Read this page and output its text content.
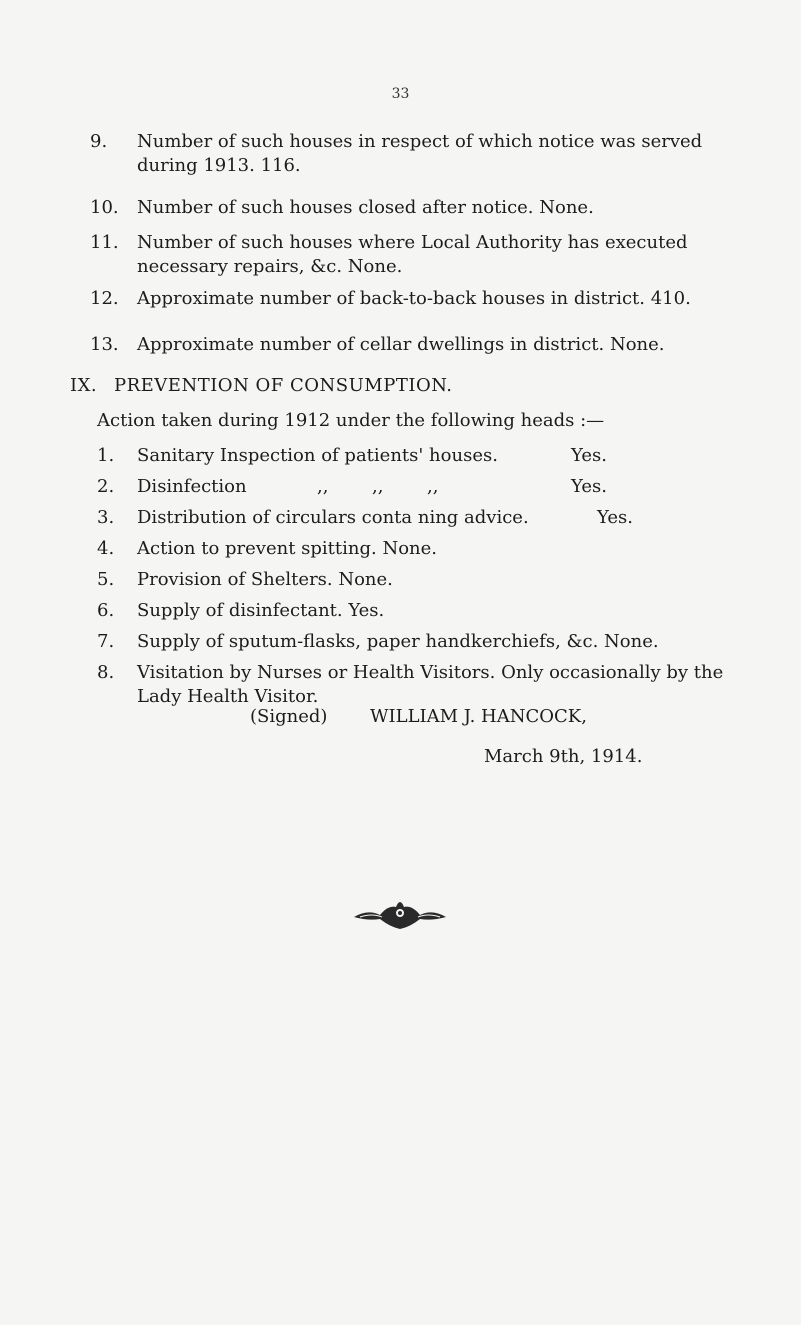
33
9.	Number of such houses in respect of which notice was served during 1913. 116.
10.	Number of such houses closed after notice. None.
11.	Number of such houses where Local Authority has executed necessary repairs, &c. None.
12.	Approximate number of back-to-back houses in district. 410.
13.	Approximate number of cellar dwellings in district. None.
IX. PREVENTION OF CONSUMPTION.
Action taken during 1912 under the following heads :—
1. Sanitary Inspection of patients' houses.	Yes.
2. Disinfection	,, ,, ,,	Yes.
3. Distribution of circulars conta ning advice.	Yes.
4. Action to prevent spitting. None.
5. Provision of Shelters. None.
6. Supply of disinfectant. Yes.
7. Supply of sputum-flasks, paper handkerchiefs, &c. None.
8. Visitation by Nurses or Health Visitors. Only occasionally by the Lady Health Visitor.
(Signed) WILLIAM J. HANCOCK,
March 9th, 1914.
